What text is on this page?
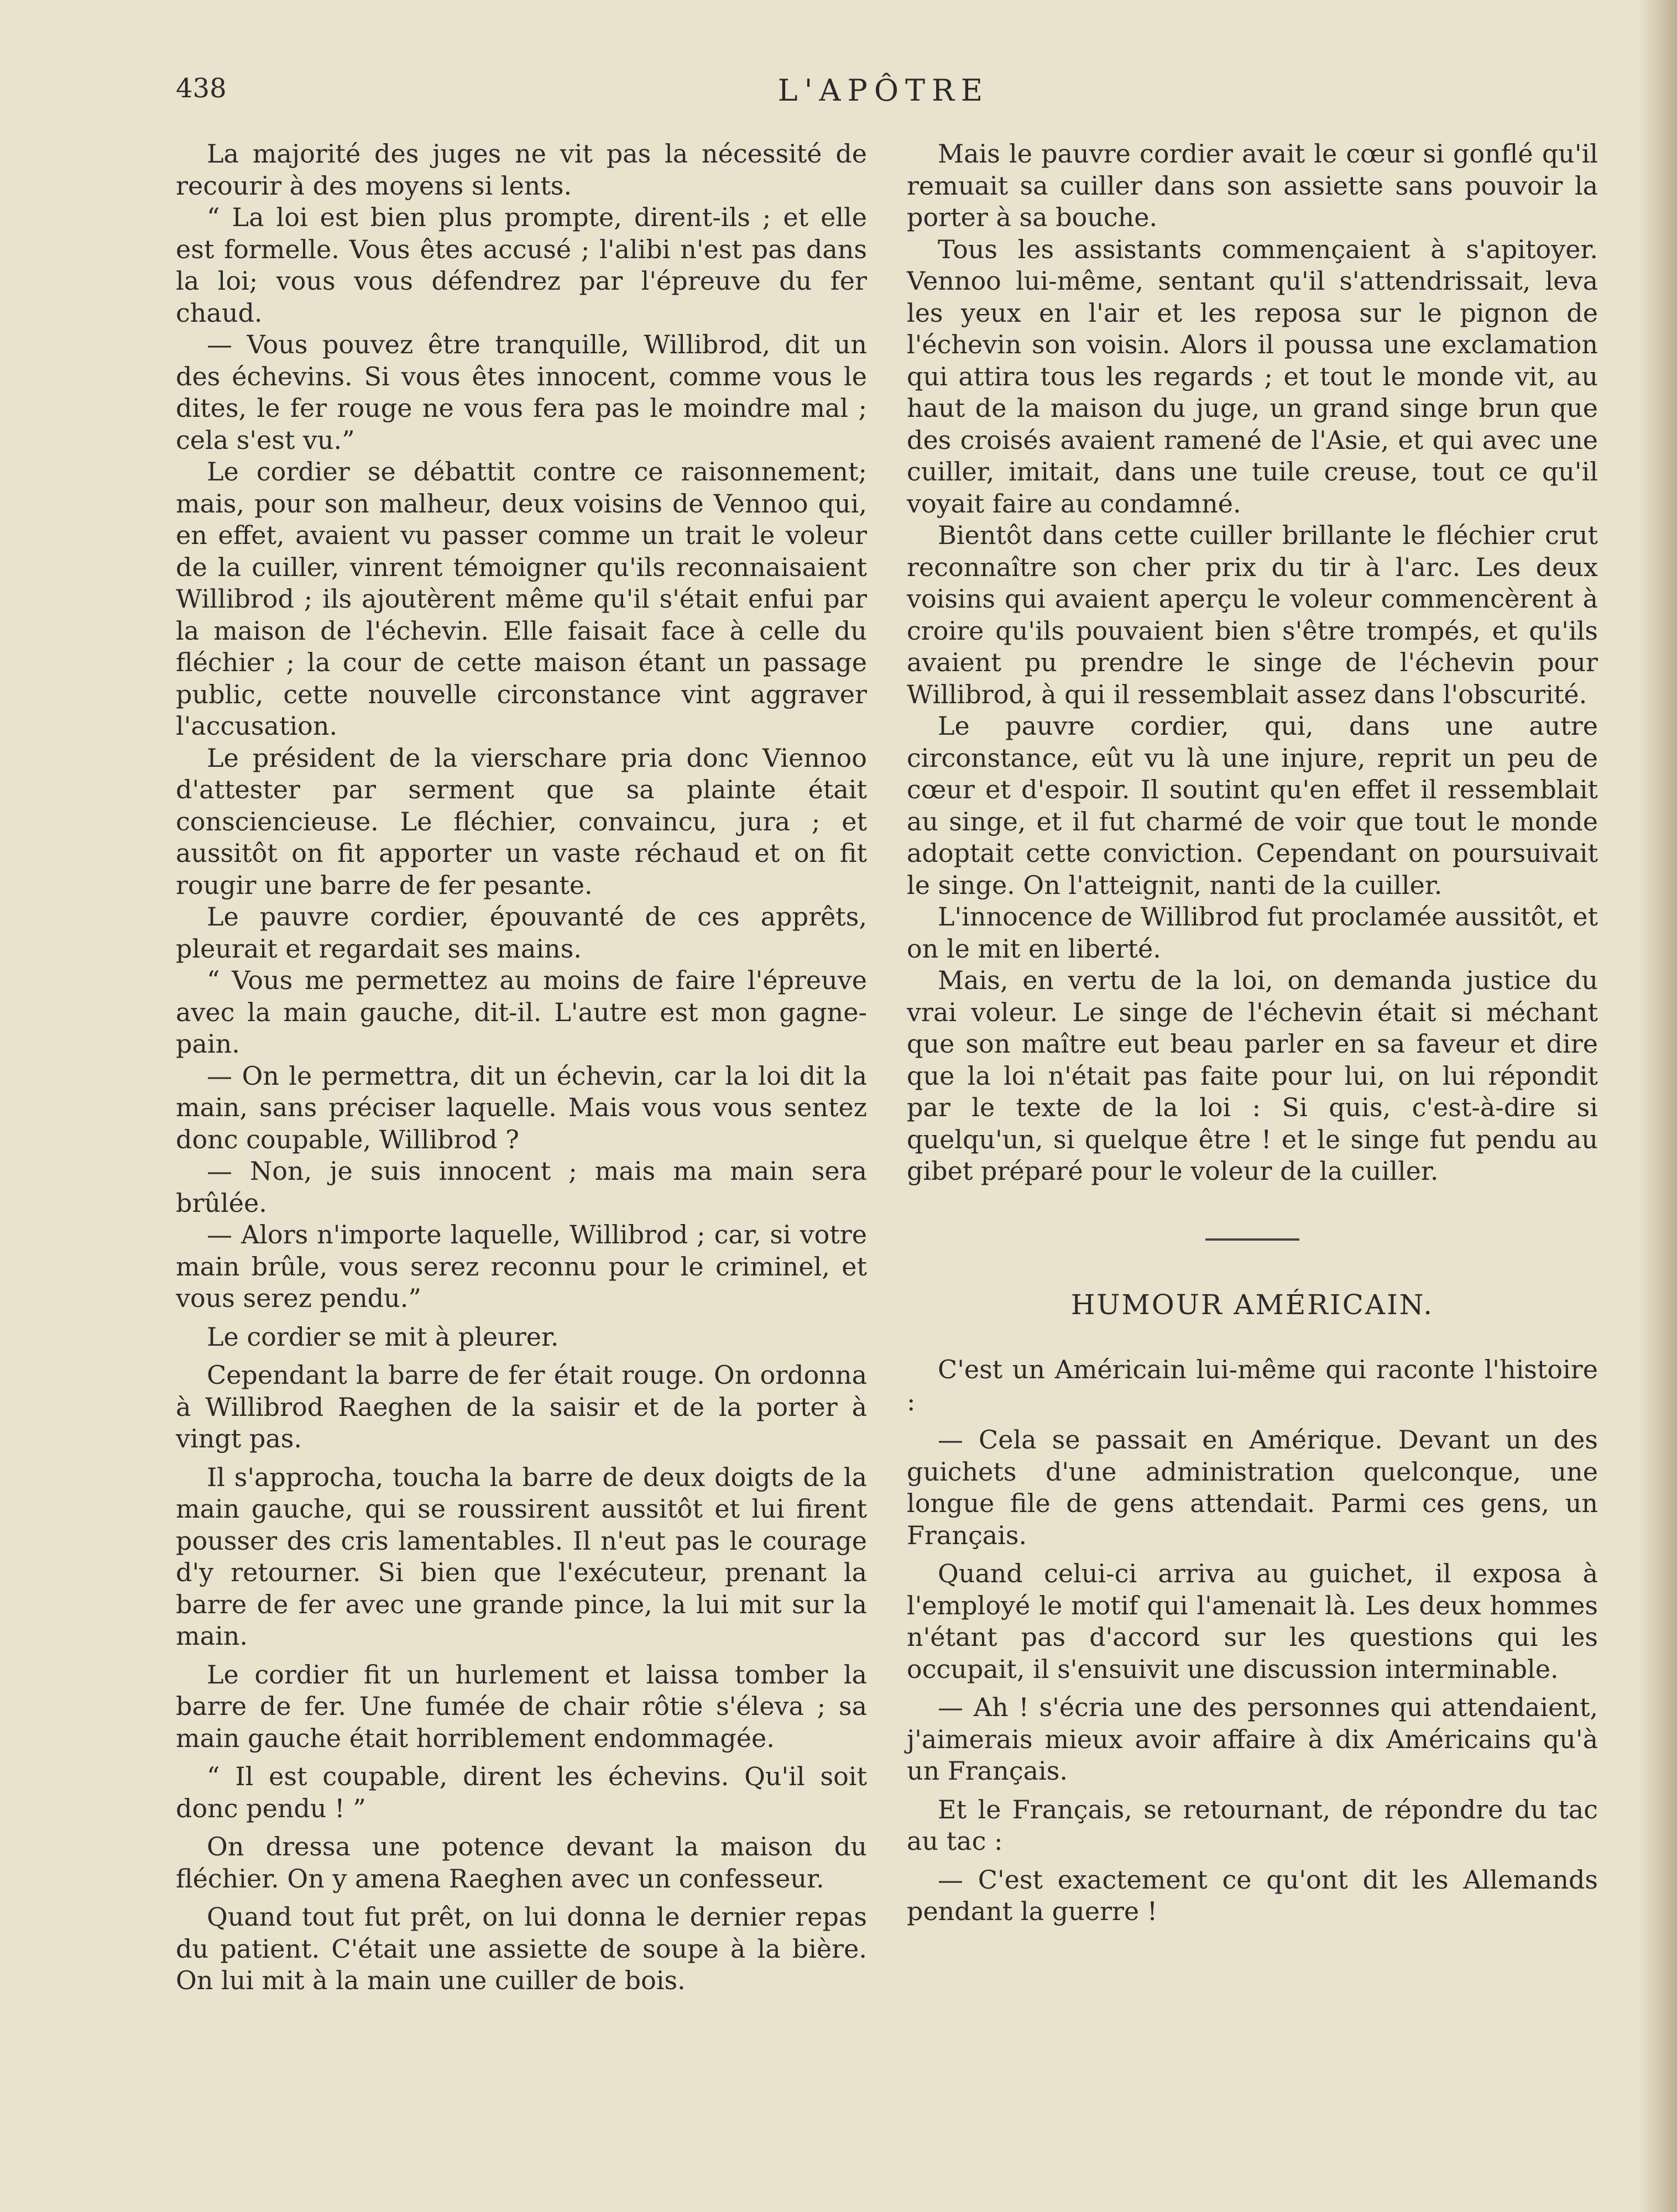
438	L'APÔTRE

La majorité des juges ne vit pas la nécessité de recourir à des moyens si lents.

“ La loi est bien plus prompte, dirent-ils ; et elle est formelle. Vous êtes accusé ; l'alibi n'est pas dans la loi; vous vous défendrez par l'épreuve du fer chaud.

— Vous pouvez être tranquille, Willibrod, dit un des échevins. Si vous êtes innocent, comme vous le dites, le fer rouge ne vous fera pas le moindre mal ; cela s'est vu.”

Le cordier se débattit contre ce raisonnement; mais, pour son malheur, deux voisins de Vennoo qui, en effet, avaient vu passer comme un trait le voleur de la cuiller, vinrent témoigner qu'ils reconnaisaient Willibrod ; ils ajoutèrent même qu'il s'était enfui par la maison de l'échevin. Elle faisait face à celle du fléchier ; la cour de cette maison étant un passage public, cette nouvelle circonstance vint aggraver l'accusation.

Le président de la vierschare pria donc Viennoo d'attester par serment que sa plainte était consciencieuse. Le fléchier, convaincu, jura ; et aussitôt on fit apporter un vaste réchaud et on fit rougir une barre de fer pesante.

Le pauvre cordier, épouvanté de ces apprêts, pleurait et regardait ses mains.

“ Vous me permettez au moins de faire l'épreuve avec la main gauche, dit-il. L'autre est mon gagne-pain.

— On le permettra, dit un échevin, car la loi dit la main, sans préciser laquelle. Mais vous vous sentez donc coupable, Willibrod ?

— Non, je suis innocent ; mais ma main sera brûlée.

— Alors n'importe laquelle, Willibrod ; car, si votre main brûle, vous serez reconnu pour le criminel, et vous serez pendu.”

Le cordier se mit à pleurer.

Cependant la barre de fer était rouge. On ordonna à Willibrod Raeghen de la saisir et de la porter à vingt pas.

Il s'approcha, toucha la barre de deux doigts de la main gauche, qui se roussirent aussitôt et lui firent pousser des cris lamentables. Il n'eut pas le courage d'y retourner. Si bien que l'exécuteur, prenant la barre de fer avec une grande pince, la lui mit sur la main.

Le cordier fit un hurlement et laissa tomber la barre de fer. Une fumée de chair rôtie s'éleva ; sa main gauche était horriblement endommagée.

“ Il est coupable, dirent les échevins. Qu'il soit donc pendu ! ”

On dressa une potence devant la maison du fléchier. On y amena Raeghen avec un confesseur.

Quand tout fut prêt, on lui donna le dernier repas du patient. C'était une assiette de soupe à la bière. On lui mit à la main une cuiller de bois.

Mais le pauvre cordier avait le cœur si gonflé qu'il remuait sa cuiller dans son assiette sans pouvoir la porter à sa bouche.

Tous les assistants commençaient à s'apitoyer. Vennoo lui-même, sentant qu'il s'attendrissait, leva les yeux en l'air et les reposa sur le pignon de l'échevin son voisin. Alors il poussa une exclamation qui attira tous les regards ; et tout le monde vit, au haut de la maison du juge, un grand singe brun que des croisés avaient ramené de l'Asie, et qui avec une cuiller, imitait, dans une tuile creuse, tout ce qu'il voyait faire au condamné.

Bientôt dans cette cuiller brillante le fléchier crut reconnaître son cher prix du tir à l'arc. Les deux voisins qui avaient aperçu le voleur commencèrent à croire qu'ils pouvaient bien s'être trompés, et qu'ils avaient pu prendre le singe de l'échevin pour Willibrod, à qui il ressemblait assez dans l'obscurité.

Le pauvre cordier, qui, dans une autre circonstance, eût vu là une injure, reprit un peu de cœur et d'espoir. Il soutint qu'en effet il ressemblait au singe, et il fut charmé de voir que tout le monde adoptait cette conviction. Cependant on poursuivait le singe. On l'atteignit, nanti de la cuiller.

L'innocence de Willibrod fut proclamée aussitôt, et on le mit en liberté.

Mais, en vertu de la loi, on demanda justice du vrai voleur. Le singe de l'échevin était si méchant que son maître eut beau parler en sa faveur et dire que la loi n'était pas faite pour lui, on lui répondit par le texte de la loi : Si quis, c'est-à-dire si quelqu'un, si quelque être ! et le singe fut pendu au gibet préparé pour le voleur de la cuiller.

HUMOUR AMÉRICAIN.

C'est un Américain lui-même qui raconte l'histoire :

— Cela se passait en Amérique. Devant un des guichets d'une administration quelconque, une longue file de gens attendait. Parmi ces gens, un Français.

Quand celui-ci arriva au guichet, il exposa à l'employé le motif qui l'amenait là. Les deux hommes n'étant pas d'accord sur les questions qui les occupait, il s'ensuivit une discussion interminable.

— Ah ! s'écria une des personnes qui attendaient, j'aimerais mieux avoir affaire à dix Américains qu'à un Français.

Et le Français, se retournant, de répondre du tac au tac :

— C'est exactement ce qu'ont dit les Allemands pendant la guerre !
